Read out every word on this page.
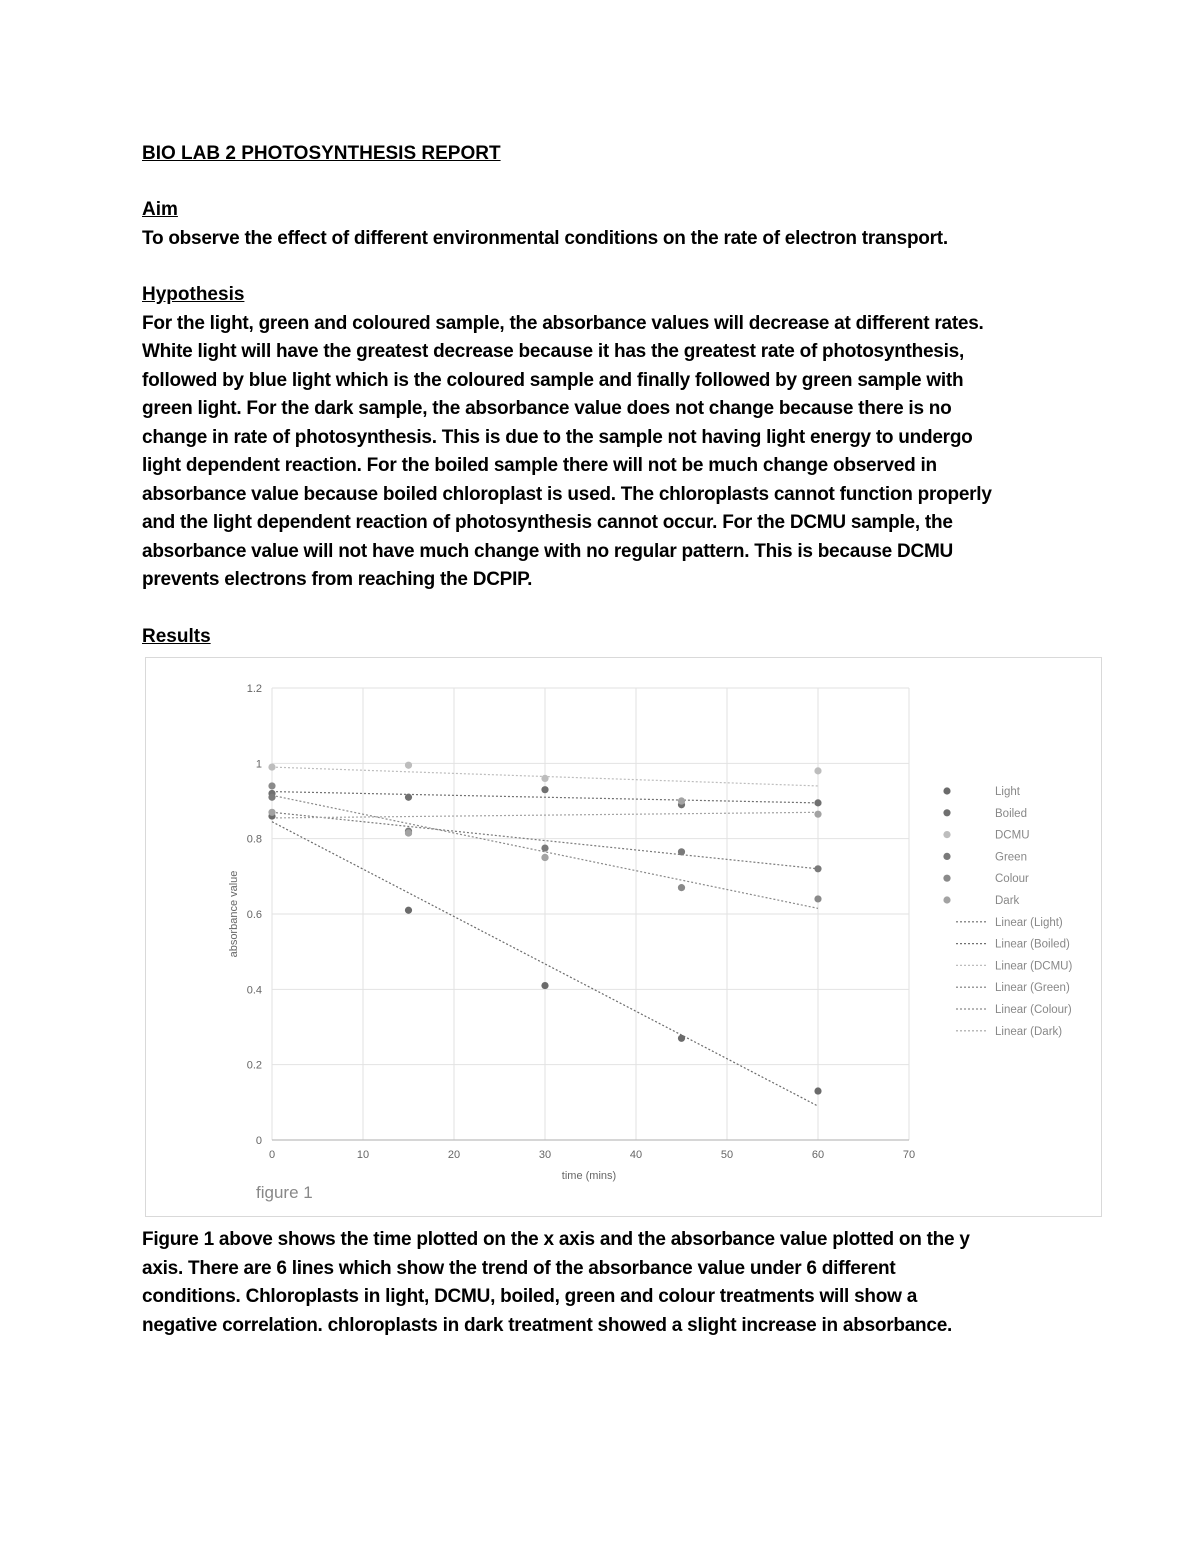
BIO LAB 2 PHOTOSYNTHESIS REPORT

Aim

To observe the effect of different environmental conditions on the rate of electron transport.

Hypothesis

For the light, green and coloured sample, the absorbance values will decrease at different rates.

White light will have the greatest decrease because it has the greatest rate of photosynthesis,

followed by blue light which is the coloured sample and finally followed by green sample with

green light. For the dark sample, the absorbance value does not change because there is no

change in rate of photosynthesis. This is due to the sample not having light energy to undergo

light dependent reaction. For the boiled sample there will not be much change observed in

absorbance value because boiled chloroplast is used. The chloroplasts cannot function properly

and the light dependent reaction of photosynthesis cannot occur. For the DCMU sample, the

absorbance value will not have much change with no regular pattern. This is because DCMU

prevents electrons from reaching the DCPIP.

Results

0	10	20	30	40	50	60	70
0
0.2
0.4
0.6
0.8
1
1.2
Light
Boiled
DCMU
Green
Colour
Dark
Linear (Light)
Linear (Boiled)
Linear (DCMU)
Linear (Green)
Linear (Colour)
Linear (Dark)
time (mins)
absorbance value
figure 1

Figure 1 above shows the time plotted on the x axis and the absorbance value plotted on the y

axis. There are 6 lines which show the trend of the absorbance value under 6 different

conditions. Chloroplasts in light, DCMU, boiled, green and colour treatments will show a

negative correlation. chloroplasts in dark treatment showed a slight increase in absorbance.
